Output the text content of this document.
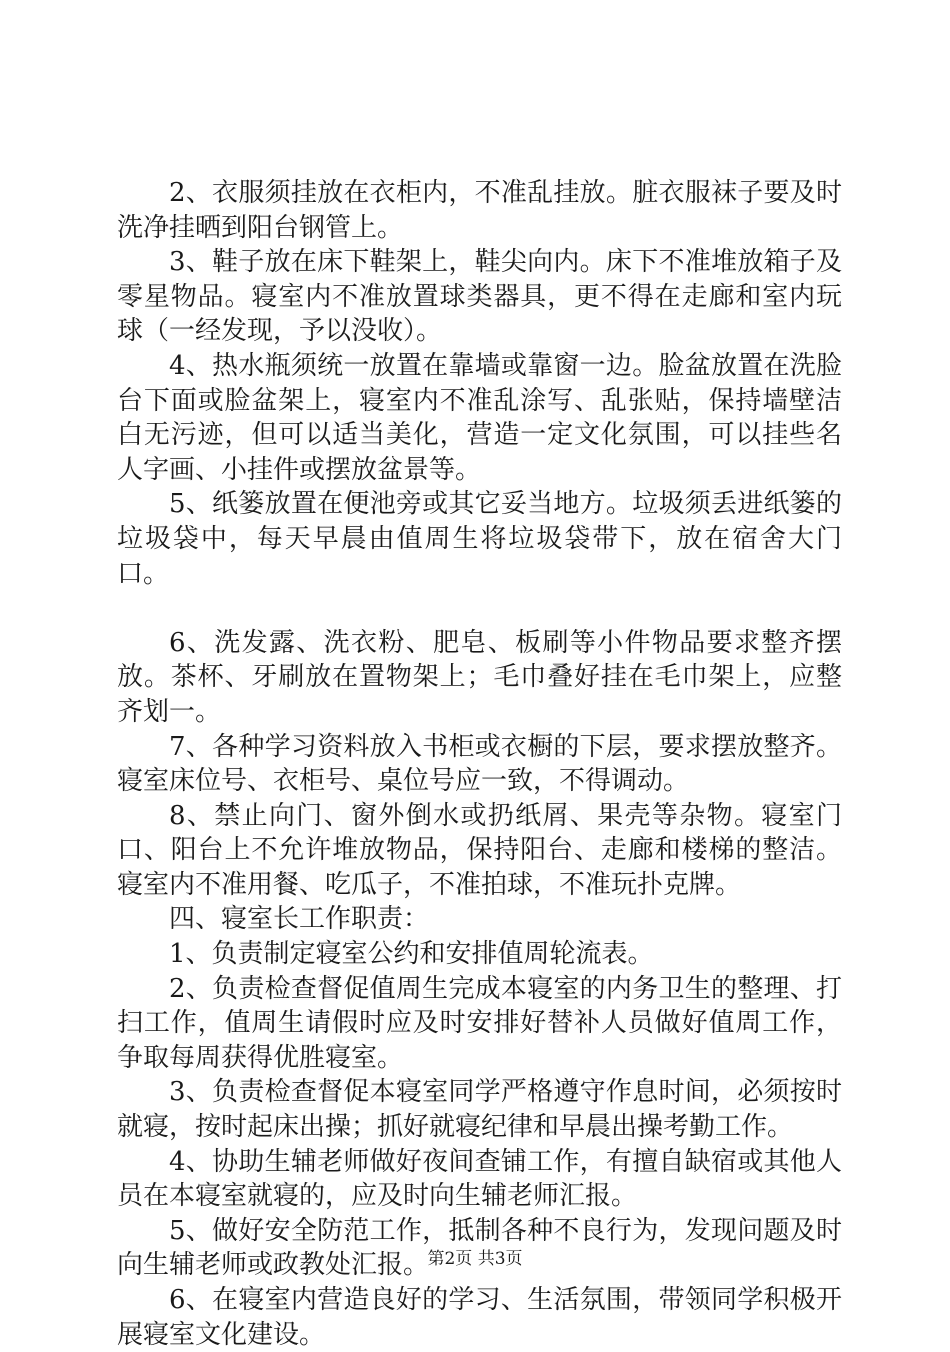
2、衣服须挂放在衣柜内，不准乱挂放。脏衣服袜子要及时洗净挂晒到阳台钢管上。

3、鞋子放在床下鞋架上，鞋尖向内。床下不准堆放箱子及零星物品。寝室内不准放置球类器具，更不得在走廊和室内玩球（一经发现，予以没收）。

4、热水瓶须统一放置在靠墙或靠窗一边。脸盆放置在洗脸台下面或脸盆架上，寝室内不准乱涂写、乱张贴，保持墙壁洁白无污迹，但可以适当美化，营造一定文化氛围，可以挂些名人字画、小挂件或摆放盆景等。

5、纸篓放置在便池旁或其它妥当地方。垃圾须丢进纸篓的垃圾袋中，每天早晨由值周生将垃圾袋带下，放在宿舍大门口。

6、洗发露、洗衣粉、肥皂、板刷等小件物品要求整齐摆放。茶杯、牙刷放在置物架上；毛巾叠好挂在毛巾架上，应整齐划一。

7、各种学习资料放入书柜或衣橱的下层，要求摆放整齐。寝室床位号、衣柜号、桌位号应一致，不得调动。

8、禁止向门、窗外倒水或扔纸屑、果壳等杂物。寝室门口、阳台上不允许堆放物品，保持阳台、走廊和楼梯的整洁。寝室内不准用餐、吃瓜子，不准拍球，不准玩扑克牌。

四、寝室长工作职责：

1、负责制定寝室公约和安排值周轮流表。

2、负责检查督促值周生完成本寝室的内务卫生的整理、打扫工作，值周生请假时应及时安排好替补人员做好值周工作，争取每周获得优胜寝室。

3、负责检查督促本寝室同学严格遵守作息时间，必须按时就寝，按时起床出操；抓好就寝纪律和早晨出操考勤工作。

4、协助生辅老师做好夜间查铺工作，有擅自缺宿或其他人员在本寝室就寝的，应及时向生辅老师汇报。

5、做好安全防范工作，抵制各种不良行为，发现问题及时向生辅老师或政教处汇报。

6、在寝室内营造良好的学习、生活氛围，带领同学积极开展寝室文化建设。

第2页 共3页
